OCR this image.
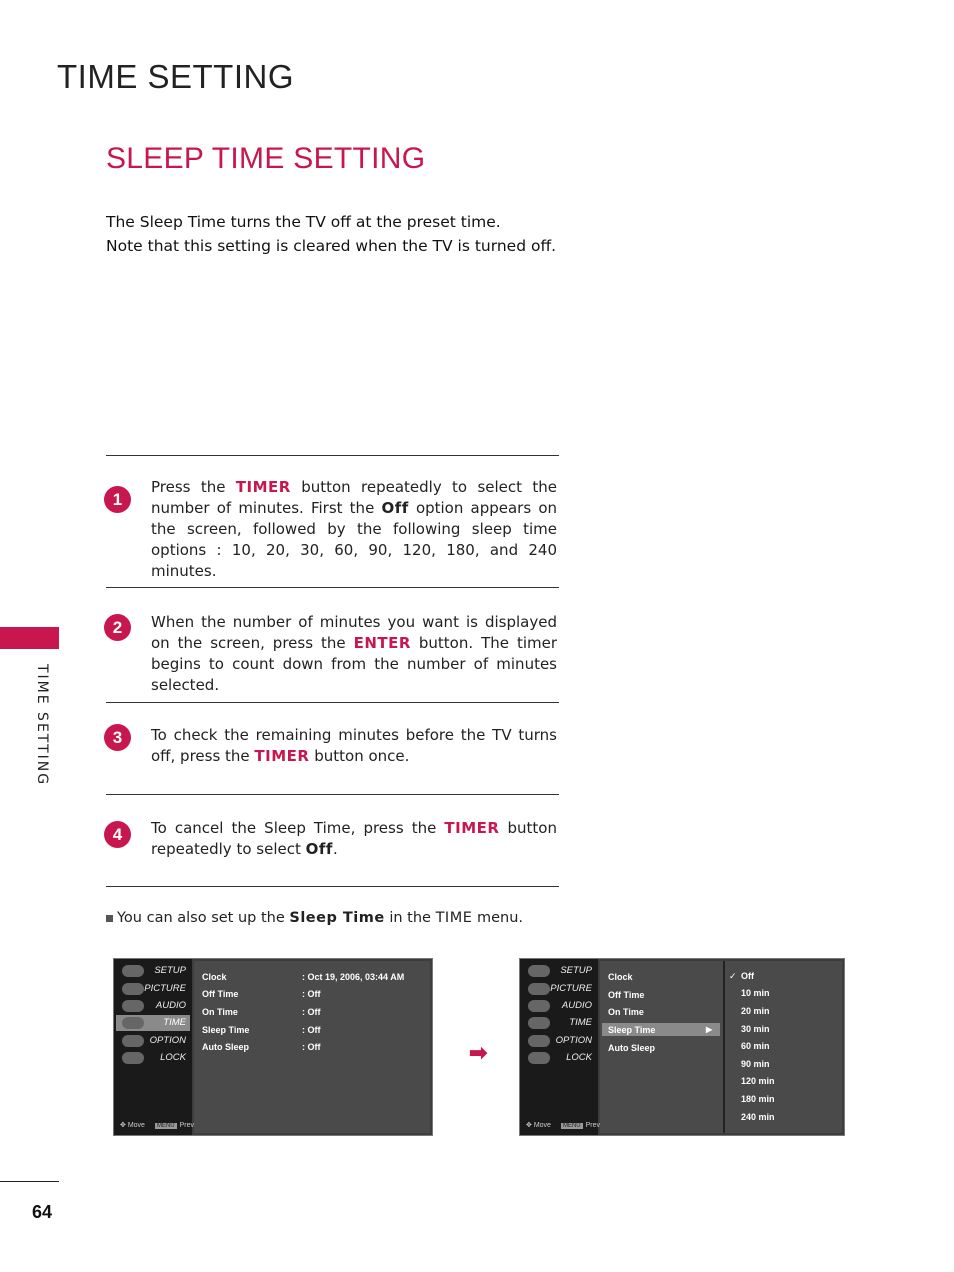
TIME SETTING
SLEEP TIME SETTING
The Sleep Time turns the TV off at the preset time.
Note that this setting is cleared when the TV is turned off.
1
Press the TIMER button repeatedly to select the number of minutes. First the Off option appears on the screen, followed by the following sleep time options : 10, 20, 30, 60, 90, 120, 180, and 240 minutes.
2	When the number of minutes you want is displayed on the screen, press the ENTER button. The timer begins to count down from the number of minutes selected.
3	To check the remaining minutes before the TV turns off, press the TIMER button once.
4	To cancel the Sleep Time, press the TIMER button repeatedly to select Off.
You can also set up the Sleep Time in the TIME menu.
TIME SETTING
64
SETUP
PICTURE
AUDIO
TIME
OPTION
LOCK
✥ Move MENU Prev
Clock	: Oct 19, 2006, 03:44 AM
Off Time	: Off
On Time	: Off
Sleep Time	: Off
Auto Sleep	: Off	➡
SETUP
PICTURE
AUDIO
TIME
OPTION
LOCK
✥ Move MENU Prev
Clock
Off Time
On Time
Sleep Time	▶
Auto Sleep
✓ Off
10 min
20 min
30 min
60 min
90 min
120 min
180 min
240 min
